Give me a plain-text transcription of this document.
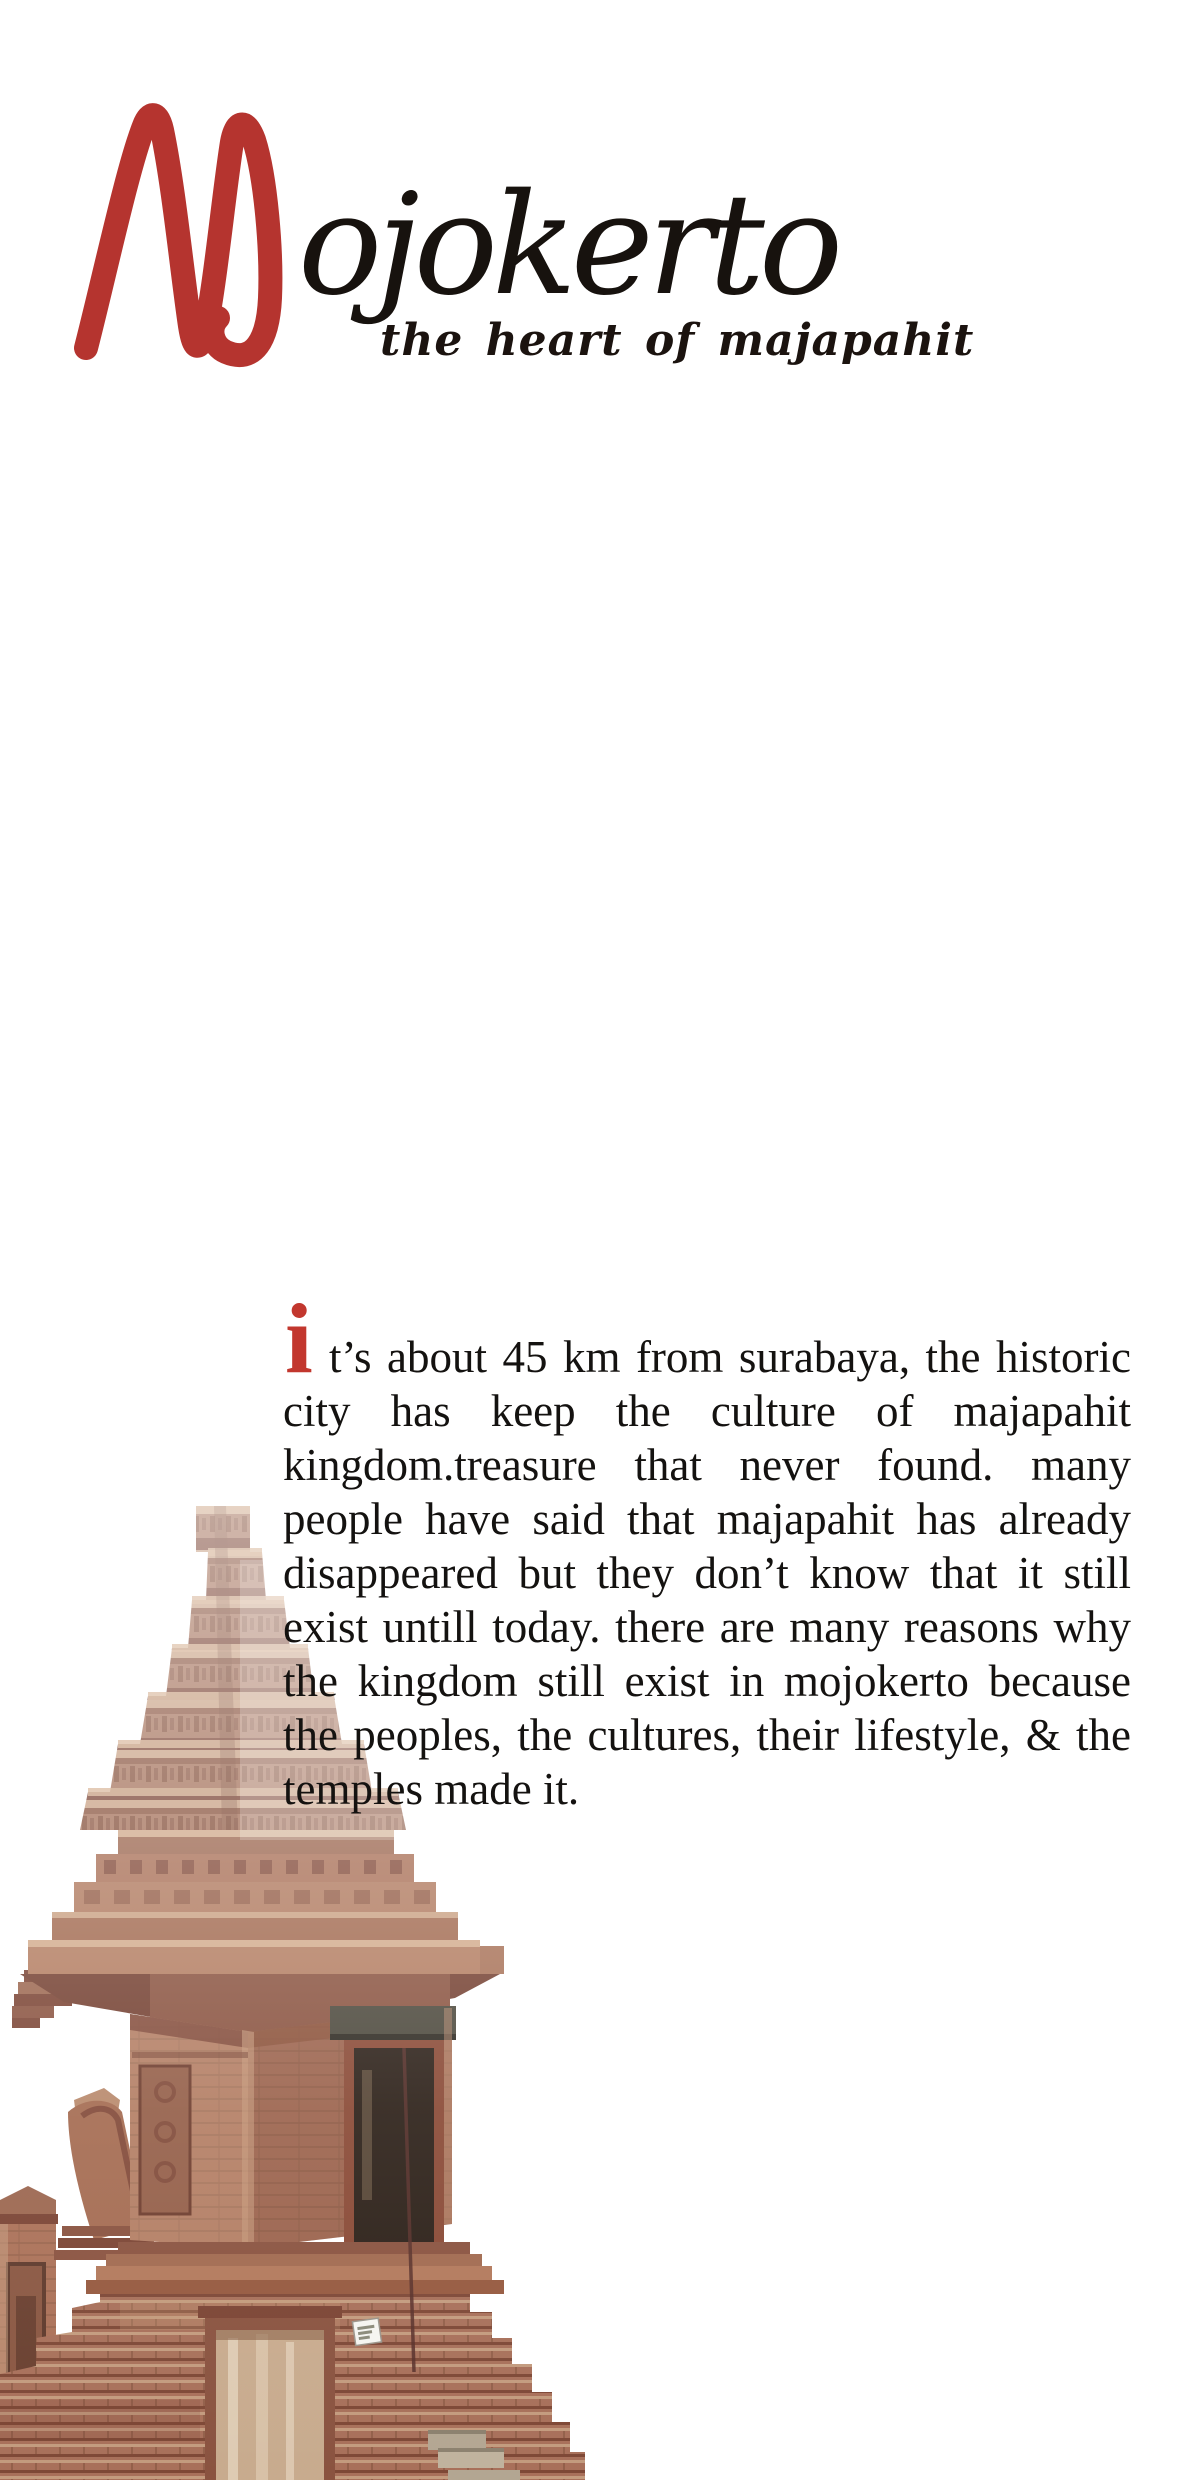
ojokerto
the heart of majapahit
i t’s about 45 km from surabaya, the historic
city has keep the culture of majapahit
kingdom.treasure that never found. many
people have said that majapahit has already
disappeared but they don’t know that it still
exist untill today. there are many reasons why
the kingdom still exist in mojokerto because
the peoples, the cultures, their lifestyle, & the
temples made it.
